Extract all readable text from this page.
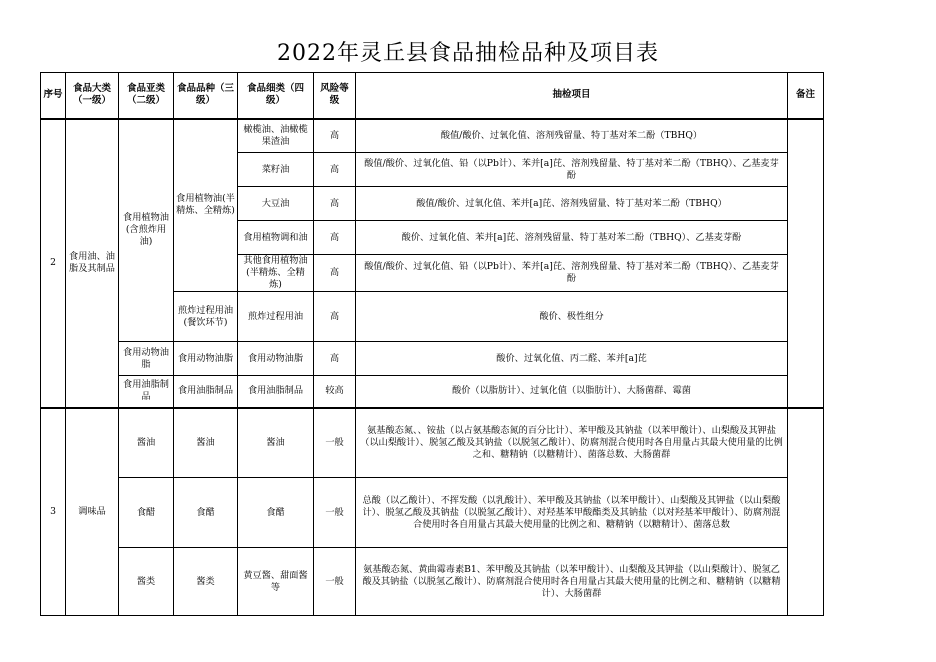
2022年灵丘县食品抽检品种及项目表
序号	食品大类（一级）	食品亚类（二级）	食品品种（三级）	食品细类（四级）	风险等级	抽检项目	备注
2	食用油、油脂及其制品	食用植物油(含煎炸用油)	食用植物油(半精炼、全精炼)	橄榄油、油橄榄果渣油	高	酸值/酸价、过氧化值、溶剂残留量、特丁基对苯二酚（TBHQ）	
				菜籽油	高	酸值/酸价、过氧化值、铅（以Pb计）、苯并[a]芘、溶剂残留量、特丁基对苯二酚（TBHQ）、乙基麦芽酚	
				大豆油	高	酸值/酸价、过氧化值、苯并[a]芘、溶剂残留量、特丁基对苯二酚（TBHQ）	
				食用植物调和油	高	酸价、过氧化值、苯并[a]芘、溶剂残留量、特丁基对苯二酚（TBHQ）、乙基麦芽酚	
				其他食用植物油(半精炼、全精炼)	高	酸值/酸价、过氧化值、铅（以Pb计）、苯并[a]芘、溶剂残留量、特丁基对苯二酚（TBHQ）、乙基麦芽酚	
			煎炸过程用油(餐饮环节)	煎炸过程用油	高	酸价、极性组分	
		食用动物油脂	食用动物油脂	食用动物油脂	高	酸价、过氧化值、丙二醛、苯并[a]芘	
		食用油脂制品	食用油脂制品	食用油脂制品	较高	酸价（以脂肪计）、过氧化值（以脂肪计）、大肠菌群、霉菌	
3	调味品	酱油	酱油	酱油	一般	氨基酸态氮、、铵盐（以占氨基酸态氮的百分比计）、苯甲酸及其钠盐（以苯甲酸计）、山梨酸及其钾盐（以山梨酸计）、脱氢乙酸及其钠盐（以脱氢乙酸计）、防腐剂混合使用时各自用量占其最大使用量的比例之和、糖精钠（以糖精计）、菌落总数、大肠菌群	
		食醋	食醋	食醋	一般	总酸（以乙酸计）、不挥发酸（以乳酸计）、苯甲酸及其钠盐（以苯甲酸计）、山梨酸及其钾盐（以山梨酸计）、脱氢乙酸及其钠盐（以脱氢乙酸计）、对羟基苯甲酸酯类及其钠盐（以对羟基苯甲酸计）、防腐剂混合使用时各自用量占其最大使用量的比例之和、糖精钠（以糖精计）、菌落总数	
		酱类	酱类	黄豆酱、甜面酱等	一般	氨基酸态氮、黄曲霉毒素B1、苯甲酸及其钠盐（以苯甲酸计）、山梨酸及其钾盐（以山梨酸计）、脱氢乙酸及其钠盐（以脱氢乙酸计）、防腐剂混合使用时各自用量占其最大使用量的比例之和、糖精钠（以糖精计）、大肠菌群	
